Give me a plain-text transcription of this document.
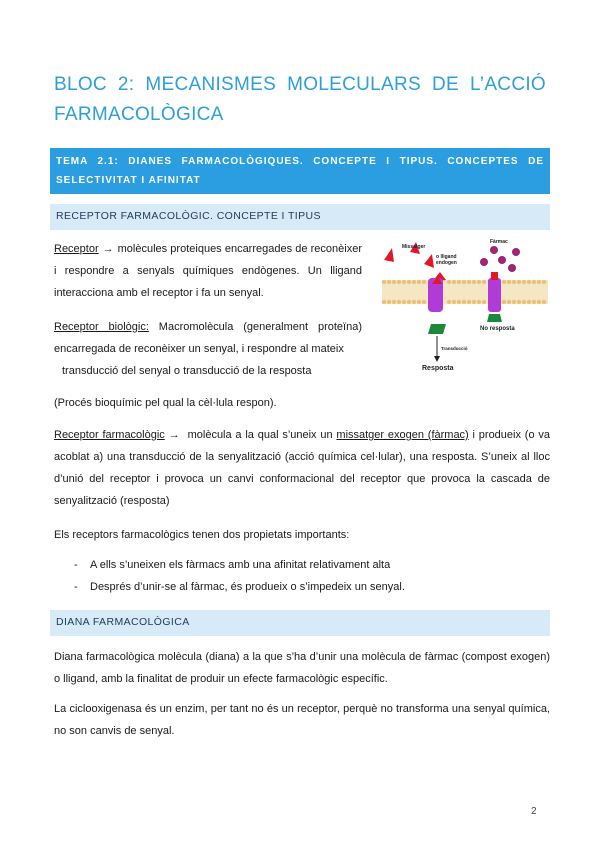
BLOC 2: MECANISMES MOLECULARS DE L’ACCIÓ FARMACOLÒGICA
TEMA 2.1: DIANES FARMACOLÒGIQUES. CONCEPTE I TIPUS. CONCEPTES DE SELECTIVITAT I AFINITAT
RECEPTOR FARMACOLÒGIC. CONCEPTE I TIPUS

Receptor → molècules proteiques encarregades de reconèixer i respondre a senyals químiques endògenes. Un lligand interacciona amb el receptor i fa un senyal.

Receptor biològic: Macromolècula (generalment proteïna) encarregada de reconèixer un senyal, i respondre al mateix

transducció del senyal o transducció de la resposta

(Procés bioquímic pel qual la cèl·lula respon).

Receptor farmacològic → molècula a la qual s’uneix un missatger exogen (fàrmac) i produeix (o va acoblat a) una transducció de la senyalització (acció química cel·lular), una resposta. S’uneix al lloc d’unió del receptor i provoca un canvi conformacional del receptor que provoca la cascada de senyalització (resposta)

Els receptors farmacològics tenen dos propietats importants:

- A ells s’uneixen els fàrmacs amb una afinitat relativament alta
- Després d’unir-se al fàrmac, és produeix o s’impedeix un senyal.
DIANA FARMACOLÒGICA

Diana farmacològica molècula (diana) a la que s’ha d’unir una molècula de fàrmac (compost exogen) o lligand, amb la finalitat de produir un efecte farmacològic específic.

La ciclooxigenasa és un enzim, per tant no és un receptor, perquè no transforma una senyal química, no son canvis de senyal.

2
Missatger
o lligand
endogen
Fàrmac
No resposta
Transducció
Resposta
